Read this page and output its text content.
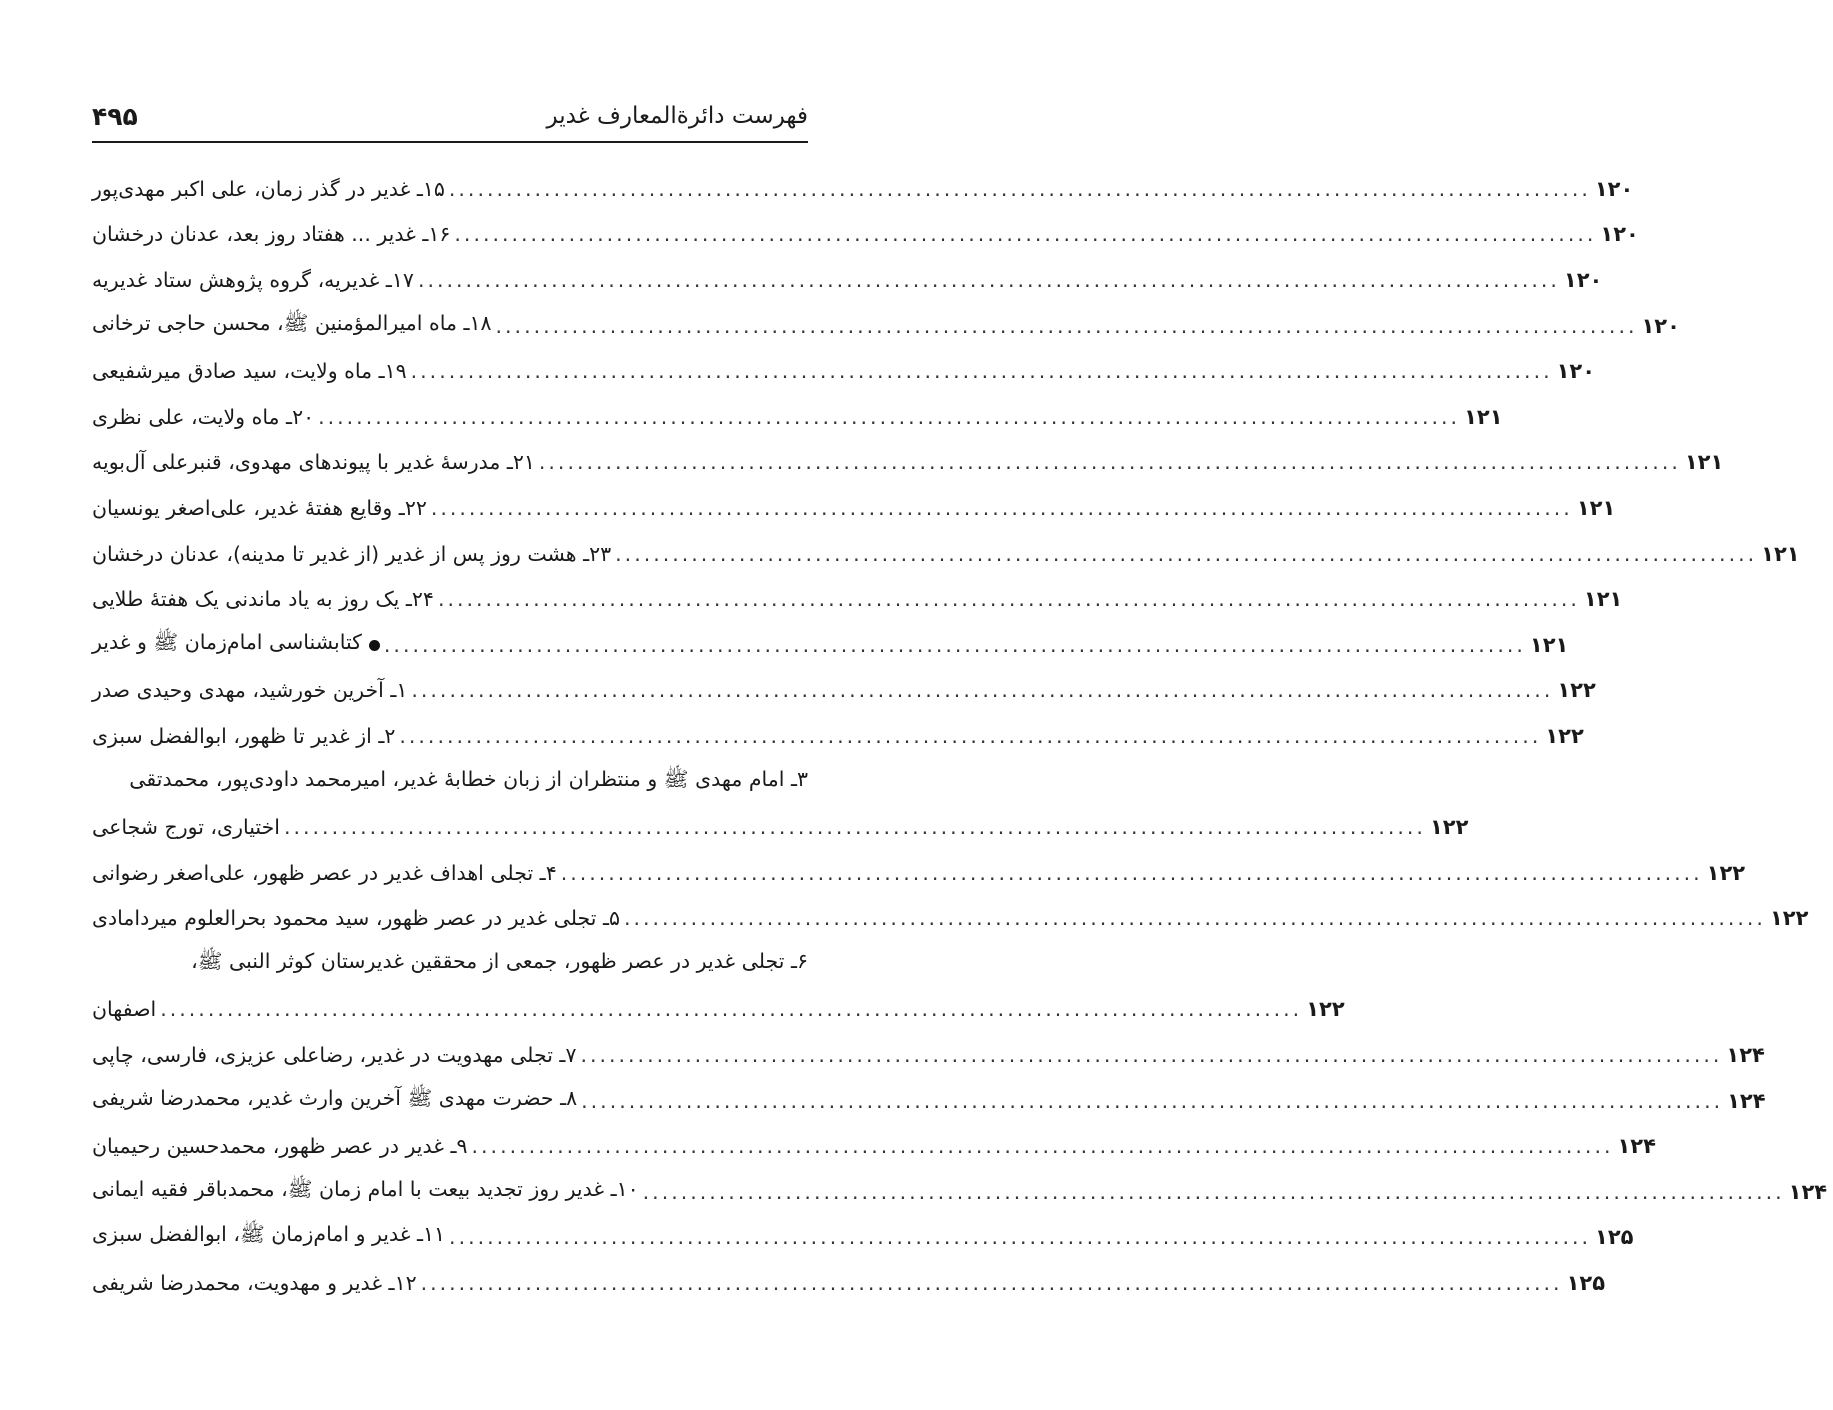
۴۹۵	فهرست دائرةالمعارف غدیر
۱۵ـ غدیر در گذر زمان، علی اکبر مهدی‌پور ........................................................................................................................ ۱۲۰
۱۶ـ غدیر ... هفتاد روز بعد، عدنان درخشان ........................................................................................................................ ۱۲۰
۱۷ـ غدیریه، گروه پژوهش ستاد غدیریه ........................................................................................................................ ۱۲۰
۱۸ـ ماه امیرالمؤمنین ﷺ، محسن حاجی ترخانی ........................................................................................................................ ۱۲۰
۱۹ـ ماه ولایت، سید صادق میرشفیعی ........................................................................................................................ ۱۲۰
۲۰ـ ماه ولایت، علی نظری ........................................................................................................................ ۱۲۱
۲۱ـ مدرسهٔ غدیر با پیوندهای مهدوی، قنبرعلی آل‌بویه ........................................................................................................................ ۱۲۱
۲۲ـ وقایع هفتهٔ غدیر، علی‌اصغر یونسیان ........................................................................................................................ ۱۲۱
۲۳ـ هشت روز پس از غدیر (از غدیر تا مدینه)، عدنان درخشان ........................................................................................................................ ۱۲۱
۲۴ـ یک روز به یاد ماندنی یک هفتهٔ طلایی ........................................................................................................................ ۱۲۱
کتابشناسی امام‌زمان ﷺ و غدیر	........................................................................................................................ ۱۲۱
۱ـ آخرین خورشید، مهدی وحیدی صدر ........................................................................................................................ ۱۲۲
۲ـ از غدیر تا ظهور، ابوالفضل سبزی ........................................................................................................................ ۱۲۲
۳ـ امام مهدی ﷺ و منتظران از زبان خطابهٔ غدیر، امیرمحمد داودی‌پور، محمدتقی
اختیاری، تورج شجاعی ........................................................................................................................ ۱۲۲
۴ـ تجلی اهداف غدیر در عصر ظهور، علی‌اصغر رضوانی ........................................................................................................................ ۱۲۲
۵ـ تجلی غدیر در عصر ظهور، سید محمود بحرالعلوم میردامادی ........................................................................................................................ ۱۲۲
۶ـ تجلی غدیر در عصر ظهور، جمعی از محققین غدیرستان کوثر النبی ﷺ،
اصفهان ........................................................................................................................ ۱۲۲
۷ـ تجلی مهدویت در غدیر، رضاعلی عزیزی، فارسی، چاپی ........................................................................................................................ ۱۲۴
۸ـ حضرت مهدی ﷺ آخرین وارث غدیر، محمدرضا شریفی ........................................................................................................................ ۱۲۴
۹ـ غدیر در عصر ظهور، محمدحسین رحیمیان ........................................................................................................................ ۱۲۴
۱۰ـ غدیر روز تجدید بیعت با امام زمان ﷺ، محمدباقر فقیه ایمانی ........................................................................................................................ ۱۲۴
۱۱ـ غدیر و امام‌زمان ﷺ، ابوالفضل سبزی ........................................................................................................................ ۱۲۵
۱۲ـ غدیر و مهدویت، محمدرضا شریفی ........................................................................................................................ ۱۲۵
